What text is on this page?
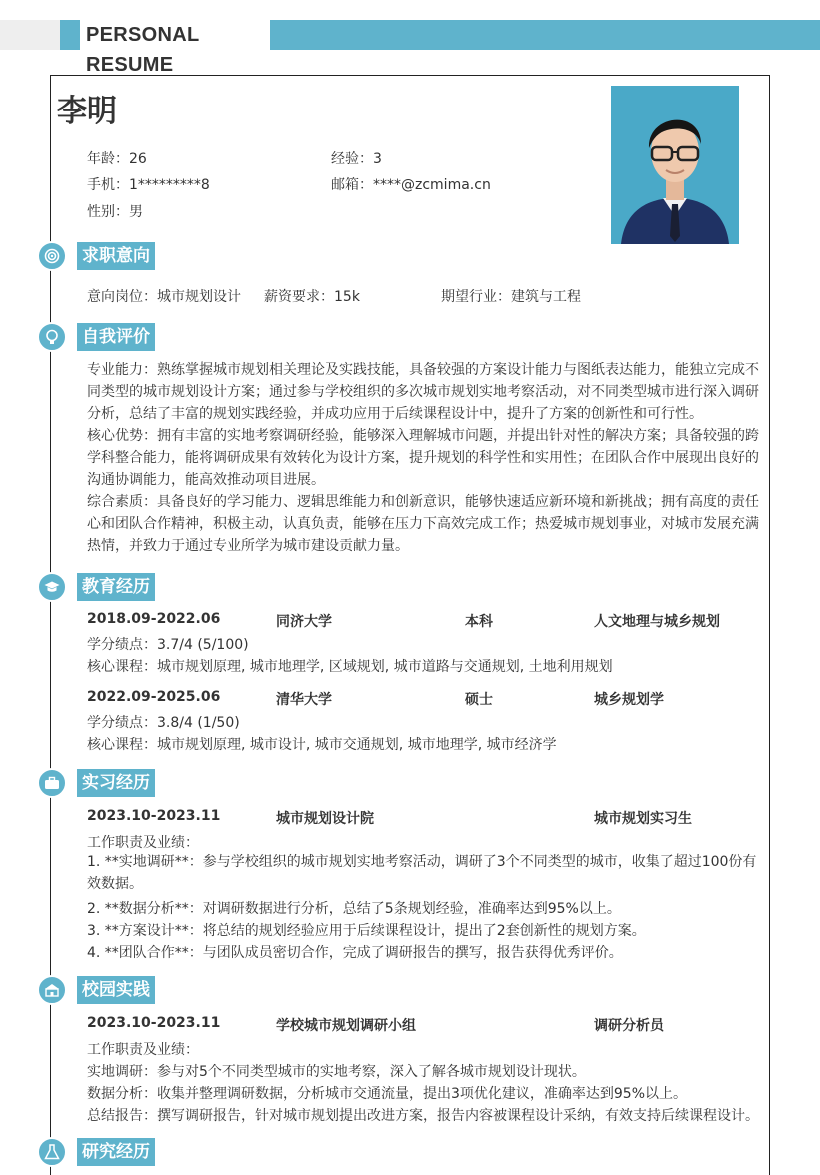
PERSONAL RESUME
李明
年龄：26	经验：3
手机：1*********8	邮箱：****@zcmima.cn
性别：男
求职意向
意向岗位：城市规划设计 薪资要求：15k	期望行业：建筑与工程
自我评价
专业能力：熟练掌握城市规划相关理论及实践技能，具备较强的方案设计能力与图纸表达能力，能独立完成不同类型的城市规划设计方案；通过参与学校组织的多次城市规划实地考察活动，对不同类型城市进行深入调研分析，总结了丰富的规划实践经验，并成功应用于后续课程设计中，提升了方案的创新性和可行性。
核心优势：拥有丰富的实地考察调研经验，能够深入理解城市问题，并提出针对性的解决方案；具备较强的跨学科整合能力，能将调研成果有效转化为设计方案，提升规划的科学性和实用性；在团队合作中展现出良好的沟通协调能力，能高效推动项目进展。
综合素质：具备良好的学习能力、逻辑思维能力和创新意识，能够快速适应新环境和新挑战；拥有高度的责任心和团队合作精神，积极主动，认真负责，能够在压力下高效完成工作；热爱城市规划事业，对城市发展充满热情，并致力于通过专业所学为城市建设贡献力量。
教育经历
2018.09-2022.06	同济大学	本科	人文地理与城乡规划
学分绩点：3.7/4 (5/100)
核心课程：城市规划原理, 城市地理学, 区域规划, 城市道路与交通规划, 土地利用规划
2022.09-2025.06	清华大学	硕士	城乡规划学
学分绩点：3.8/4 (1/50)
核心课程：城市规划原理, 城市设计, 城市交通规划, 城市地理学, 城市经济学
实习经历
2023.10-2023.11	城市规划设计院	城市规划实习生
工作职责及业绩：
1. **实地调研**：参与学校组织的城市规划实地考察活动，调研了3个不同类型的城市，收集了超过100份有效数据。
2. **数据分析**：对调研数据进行分析，总结了5条规划经验，准确率达到95%以上。
3. **方案设计**：将总结的规划经验应用于后续课程设计，提出了2套创新性的规划方案。
4. **团队合作**：与团队成员密切合作，完成了调研报告的撰写，报告获得优秀评价。
校园实践
2023.10-2023.11	学校城市规划调研小组	调研分析员
工作职责及业绩：
实地调研：参与对5个不同类型城市的实地考察，深入了解各城市规划设计现状。
数据分析：收集并整理调研数据，分析城市交通流量，提出3项优化建议，准确率达到95%以上。
总结报告：撰写调研报告，针对城市规划提出改进方案，报告内容被课程设计采纳，有效支持后续课程设计。
研究经历
